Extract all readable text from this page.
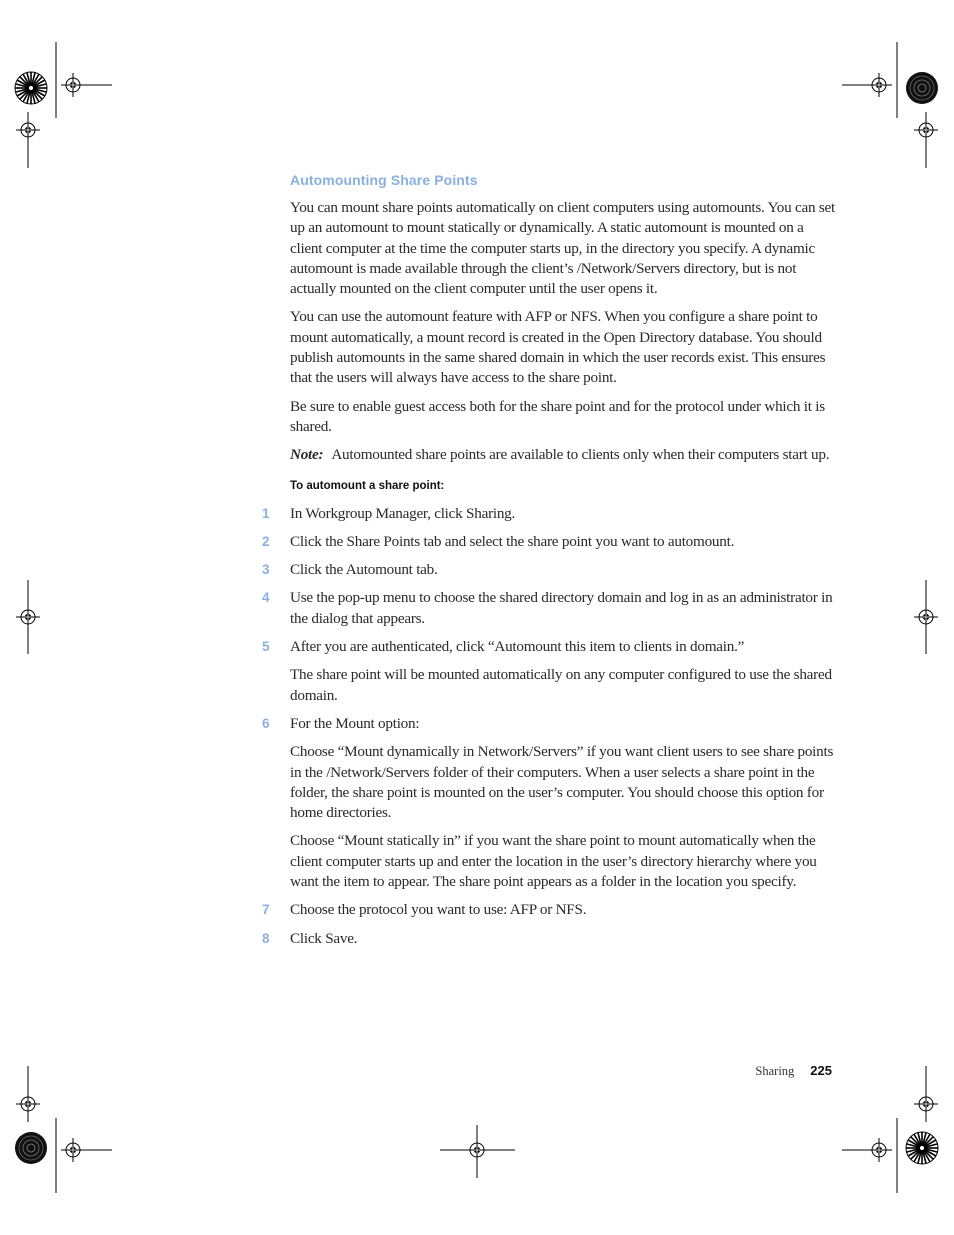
Automounting Share Points

You can mount share points automatically on client computers using automounts. You can set up an automount to mount statically or dynamically. A static automount is mounted on a client computer at the time the computer starts up, in the directory you specify. A dynamic automount is made available through the client’s /Network/Servers directory, but is not actually mounted on the client computer until the user opens it.

You can use the automount feature with AFP or NFS. When you configure a share point to mount automatically, a mount record is created in the Open Directory database. You should publish automounts in the same shared domain in which the user records exist. This ensures that the users will always have access to the share point.

Be sure to enable guest access both for the share point and for the protocol under which it is shared.

Note: Automounted share points are available to clients only when their computers start up.

To automount a share point:
1 In Workgroup Manager, click Sharing.
2 Click the Share Points tab and select the share point you want to automount.
3 Click the Automount tab.
4 Use the pop-up menu to choose the shared directory domain and log in as an administrator in the dialog that appears.
5 After you are authenticated, click “Automount this item to clients in domain.”

The share point will be mounted automatically on any computer configured to use the shared domain.

6 For the Mount option:

Choose “Mount dynamically in Network/Servers” if you want client users to see share points in the /Network/Servers folder of their computers. When a user selects a share point in the folder, the share point is mounted on the user’s computer. You should choose this option for home directories.

Choose “Mount statically in” if you want the share point to mount automatically when the client computer starts up and enter the location in the user’s directory hierarchy where you want the item to appear. The share point appears as a folder in the location you specify.

7 Choose the protocol you want to use: AFP or NFS.
8 Click Save.
Sharing 225
